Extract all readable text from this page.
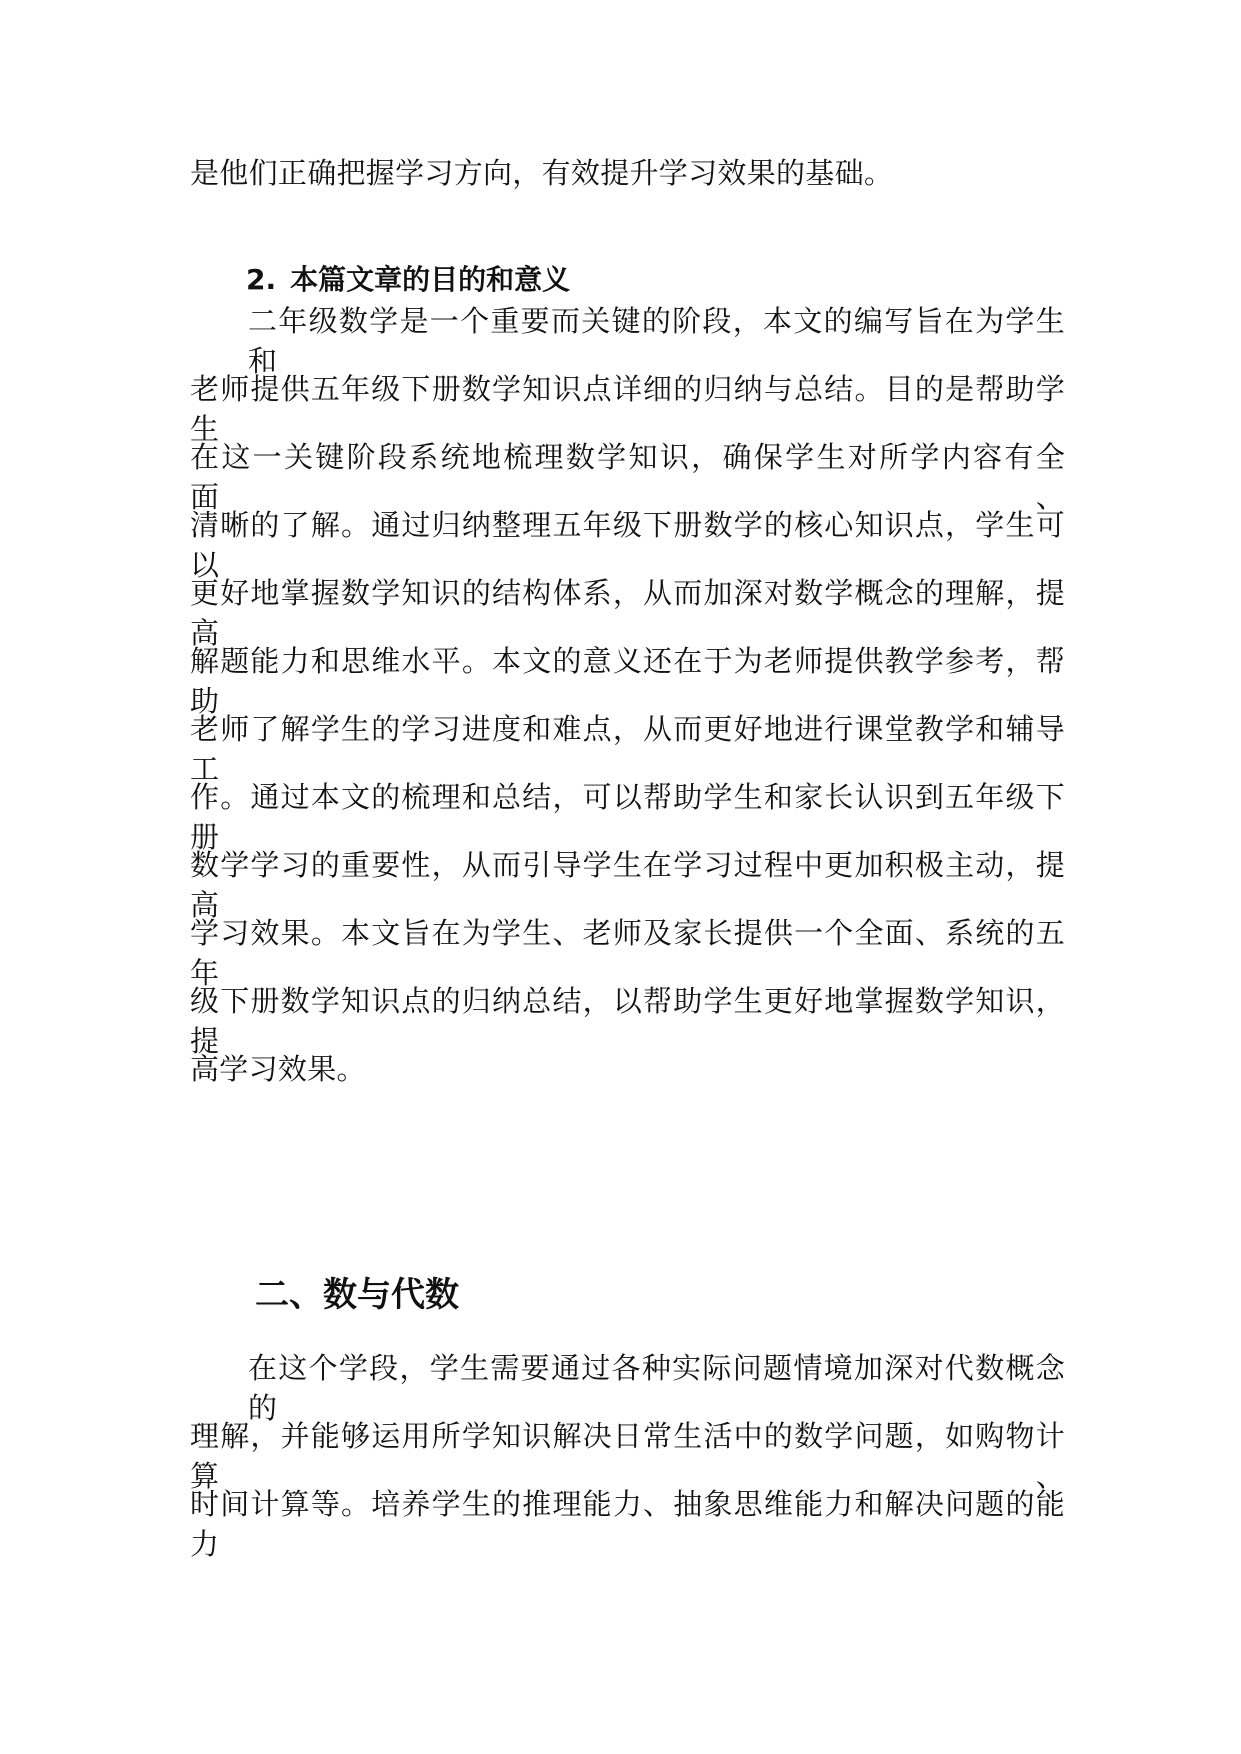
是他们正确把握学习方向，有效提升学习效果的基础。
2. 本篇文章的目的和意义
二年级数学是一个重要而关键的阶段，本文的编写旨在为学生和
老师提供五年级下册数学知识点详细的归纳与总结。目的是帮助学生
在这一关键阶段系统地梳理数学知识，确保学生对所学内容有全面、
清晰的了解。通过归纳整理五年级下册数学的核心知识点，学生可以
更好地掌握数学知识的结构体系，从而加深对数学概念的理解，提高
解题能力和思维水平。本文的意义还在于为老师提供教学参考，帮助
老师了解学生的学习进度和难点，从而更好地进行课堂教学和辅导工
作。通过本文的梳理和总结，可以帮助学生和家长认识到五年级下册
数学学习的重要性，从而引导学生在学习过程中更加积极主动，提高
学习效果。本文旨在为学生、老师及家长提供一个全面、系统的五年
级下册数学知识点的归纳总结，以帮助学生更好地掌握数学知识，提
高学习效果。
二、数与代数
在这个学段，学生需要通过各种实际问题情境加深对代数概念的
理解，并能够运用所学知识解决日常生活中的数学问题，如购物计算、
时间计算等。培养学生的推理能力、抽象思维能力和解决问题的能力
